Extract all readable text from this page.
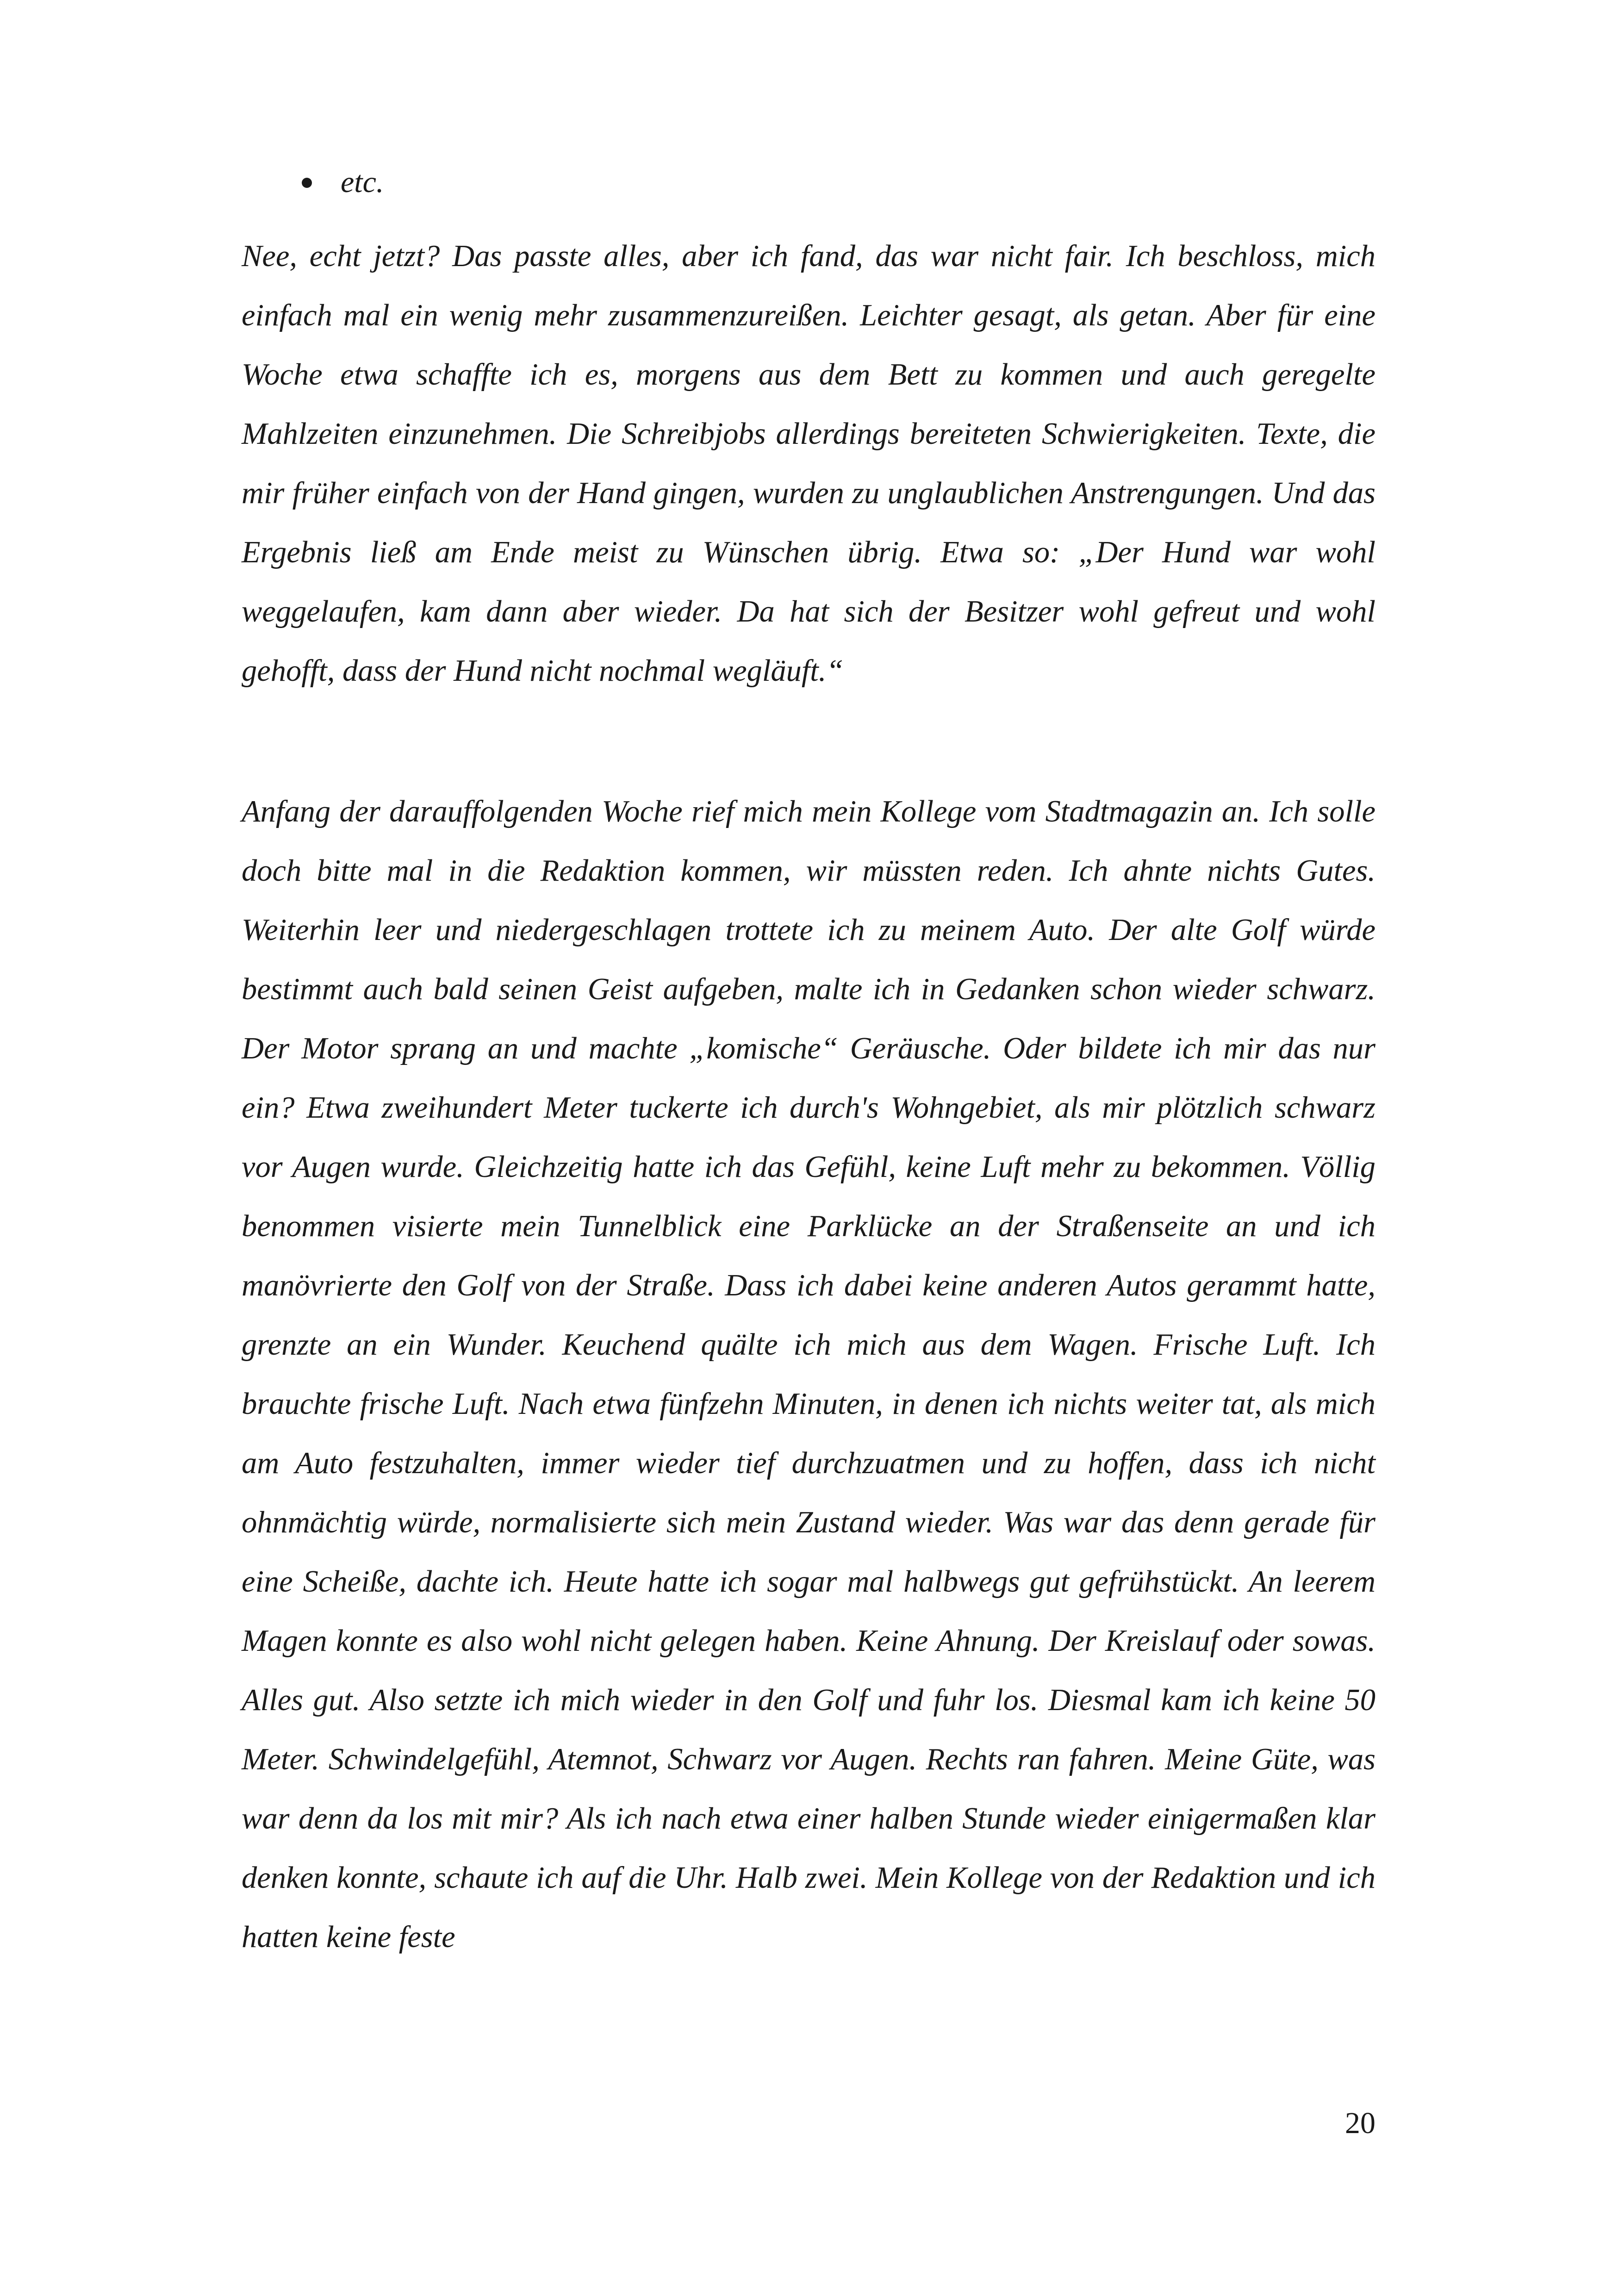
etc.

Nee, echt jetzt? Das passte alles, aber ich fand, das war nicht fair. Ich beschloss, mich einfach mal ein wenig mehr zusammenzureißen. Leichter gesagt, als getan. Aber für eine Woche etwa schaffte ich es, morgens aus dem Bett zu kommen und auch geregelte Mahlzeiten einzunehmen. Die Schreibjobs allerdings bereiteten Schwierigkeiten. Texte, die mir früher einfach von der Hand gingen, wurden zu unglaublichen Anstrengungen. Und das Ergebnis ließ am Ende meist zu Wünschen übrig. Etwa so: „Der Hund war wohl weggelaufen, kam dann aber wieder. Da hat sich der Besitzer wohl gefreut und wohl gehofft, dass der Hund nicht nochmal wegläuft.“

Anfang der darauffolgenden Woche rief mich mein Kollege vom Stadtmagazin an. Ich solle doch bitte mal in die Redaktion kommen, wir müssten reden. Ich ahnte nichts Gutes. Weiterhin leer und niedergeschlagen trottete ich zu meinem Auto. Der alte Golf würde bestimmt auch bald seinen Geist aufgeben, malte ich in Gedanken schon wieder schwarz. Der Motor sprang an und machte „komische“ Geräusche. Oder bildete ich mir das nur ein? Etwa zweihundert Meter tuckerte ich durch's Wohngebiet, als mir plötzlich schwarz vor Augen wurde. Gleichzeitig hatte ich das Gefühl, keine Luft mehr zu bekommen. Völlig benommen visierte mein Tunnelblick eine Parklücke an der Straßenseite an und ich manövrierte den Golf von der Straße. Dass ich dabei keine anderen Autos gerammt hatte, grenzte an ein Wunder. Keuchend quälte ich mich aus dem Wagen. Frische Luft. Ich brauchte frische Luft. Nach etwa fünfzehn Minuten, in denen ich nichts weiter tat, als mich am Auto festzuhalten, immer wieder tief durchzuatmen und zu hoffen, dass ich nicht ohnmächtig würde, normalisierte sich mein Zustand wieder. Was war das denn gerade für eine Scheiße, dachte ich. Heute hatte ich sogar mal halbwegs gut gefrühstückt. An leerem Magen konnte es also wohl nicht gelegen haben. Keine Ahnung. Der Kreislauf oder sowas. Alles gut. Also setzte ich mich wieder in den Golf und fuhr los. Diesmal kam ich keine 50 Meter. Schwindelgefühl, Atemnot, Schwarz vor Augen. Rechts ran fahren. Meine Güte, was war denn da los mit mir? Als ich nach etwa einer halben Stunde wieder einigermaßen klar denken konnte, schaute ich auf die Uhr. Halb zwei. Mein Kollege von der Redaktion und ich hatten keine feste

20
